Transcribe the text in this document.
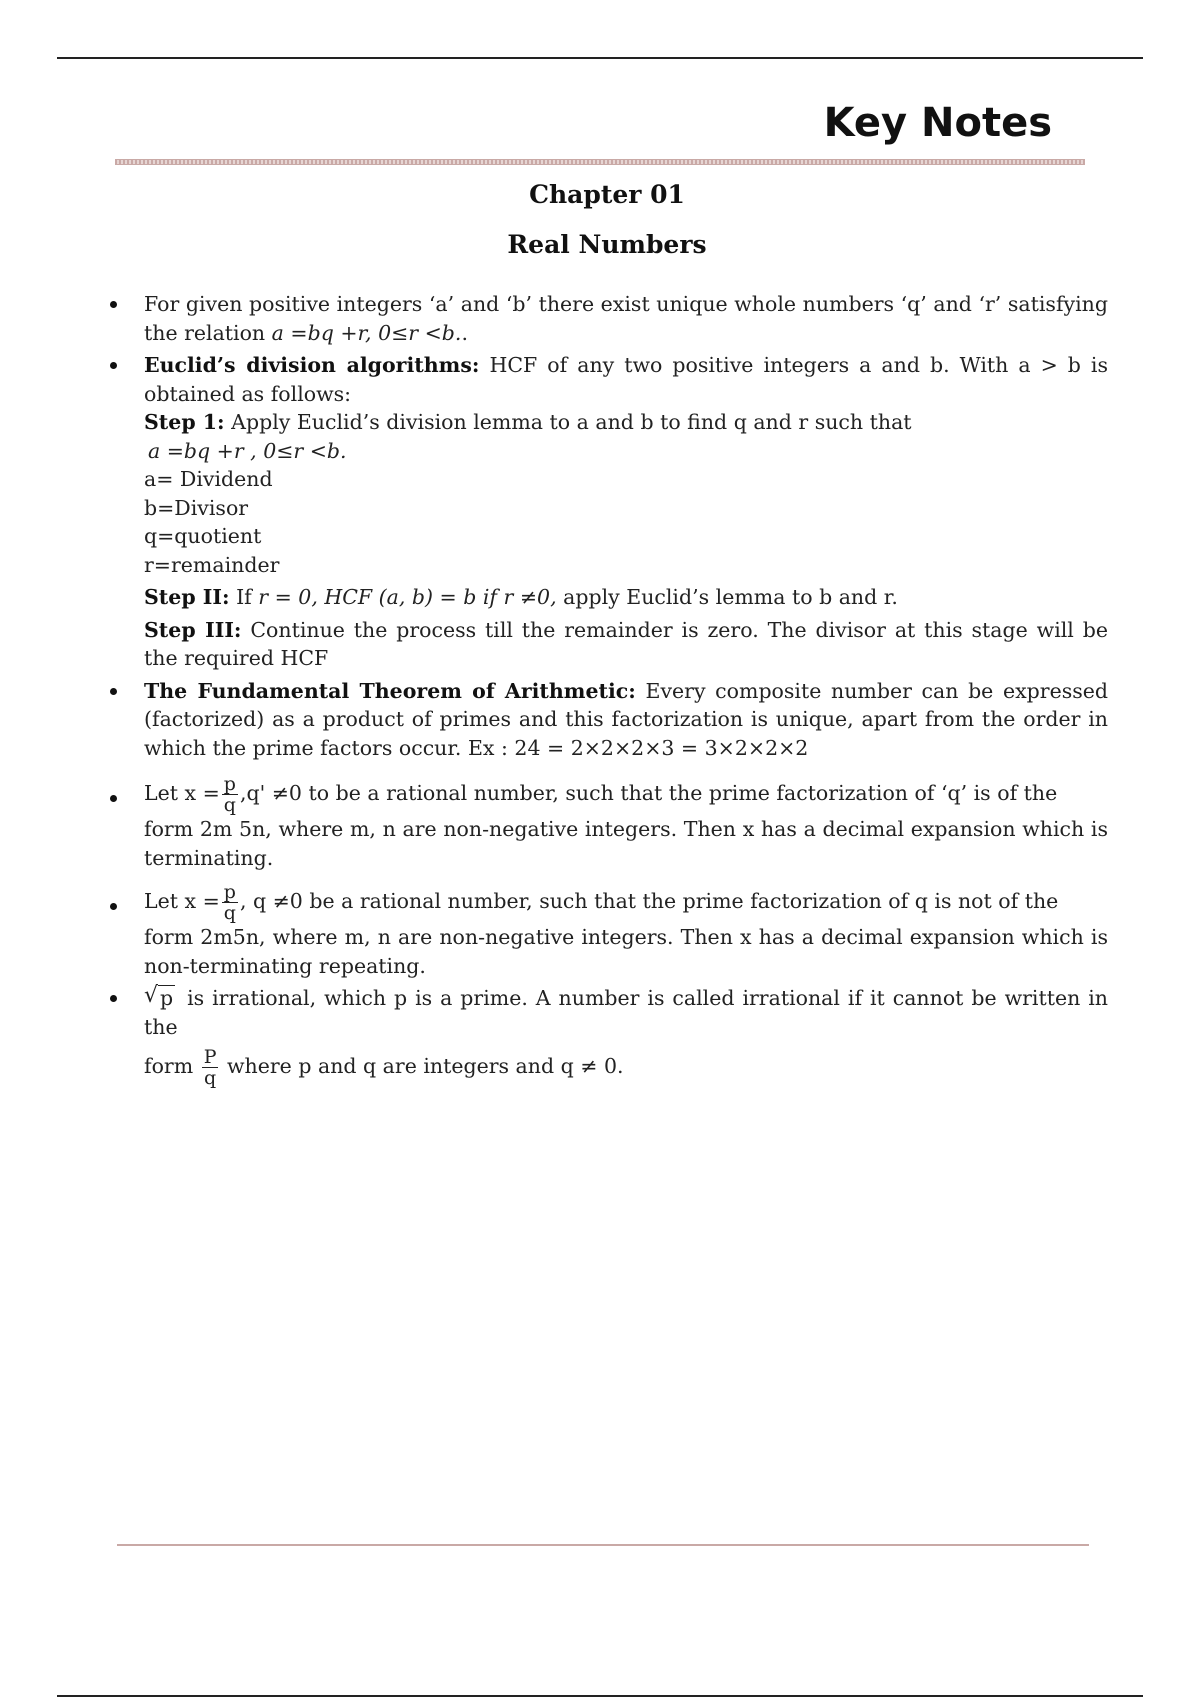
Key Notes
Chapter 01
Real Numbers
For given positive integers ‘a’ and ‘b’ there exist unique whole numbers ‘q’ and ‘r’ satisfying the relation a =bq +r, 0≤r <b..
Euclid’s division algorithms: HCF of any two positive integers a and b. With a > b is obtained as follows:
Step 1: Apply Euclid’s division lemma to a and b to find q and r such that
a =bq +r , 0≤r <b.
a= Dividend
b=Divisor
q=quotient
r=remainder
Step II: If r = 0, HCF (a, b) = b if r ≠0, apply Euclid’s lemma to b and r.
Step III: Continue the process till the remainder is zero. The divisor at this stage will be the required HCF
The Fundamental Theorem of Arithmetic: Every composite number can be expressed (factorized) as a product of primes and this factorization is unique, apart from the order in which the prime factors occur. Ex : 24 = 2×2×2×3 = 3×2×2×2
Let $x = \frac{p}{q} ,q' \ne 0$ to be a rational number, such that the prime factorization of ‘q’ is of the
form 2m 5n, where m, n are non-negative integers. Then x has a decimal expansion which is terminating.
Let $x = \frac{p}{q}$ , q ≠0 be a rational number, such that the prime factorization of q is not of the
form 2m5n, where m, n are non-negative integers. Then x has a decimal expansion which is non-terminating repeating.
√ p is irrational, which p is a prime. A number is called irrational if it cannot be written in the
form $\frac{P}{q}$ where p and q are integers and q ≠ 0.
